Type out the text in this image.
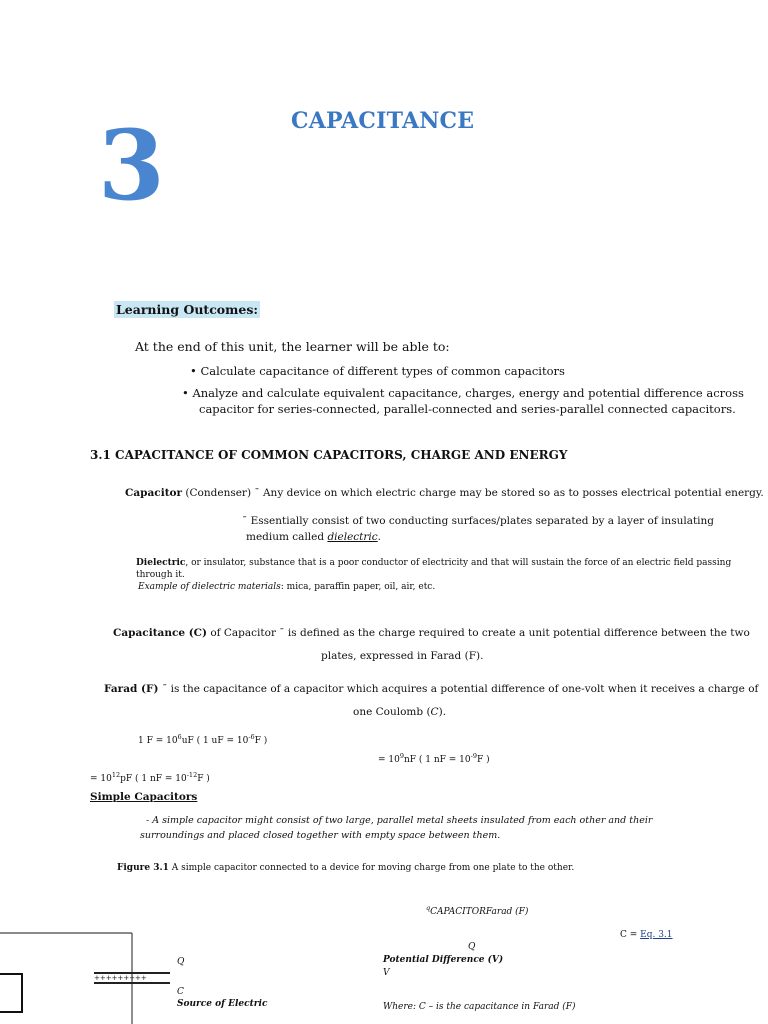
CAPACITANCE
3
Learning Outcomes:
At the end of this unit, the learner will be able to:
• Calculate capacitance of different types of common capacitors
• Analyze and calculate equivalent capacitance, charges, energy and potential difference across
capacitor for series-connected, parallel-connected and series-parallel connected capacitors.
3.1 CAPACITANCE OF COMMON CAPACITORS, CHARGE AND ENERGY
Capacitor (Condenser) ¯ Any device on which electric charge may be stored so as to posses electrical potential energy.
¯ Essentially consist of two conducting surfaces/plates separated by a layer of insulating
medium called dielectric.
Dielectric, or insulator, substance that is a poor conductor of electricity and that will sustain the force of an electric field passing
through it.
Example of dielectric materials: mica, paraffin paper, oil, air, etc.
Capacitance (C) of Capacitor ¯ is defined as the charge required to create a unit potential difference between the two
plates, expressed in Farad (F).
Farad (F) ¯ is the capacitance of a capacitor which acquires a potential difference of one-volt when it receives a charge of
one Coulomb (C).
1 $F = 10^6uF$ ( 1 uF = $10^{-6}F$ )
= $10^9nF$ ( 1 nF = $10^{-9}F$ )
= $10^{12}pF$ ( 1 nF = $10^{-12}F$ )
Simple Capacitors
- A simple capacitor might consist of two large, parallel metal sheets insulated from each other and their
surroundings and placed closed together with empty space between them.
Figure 3.1 A simple capacitor connected to a device for moving charge from one plate to the other.
$^q$CAPACITORFarad (F)
C = Eq. 3.1
Q
Potential Difference (V)
V
Where: C – is the capacitance in Farad (F)
+++++++++
Q
C
Source of Electric
